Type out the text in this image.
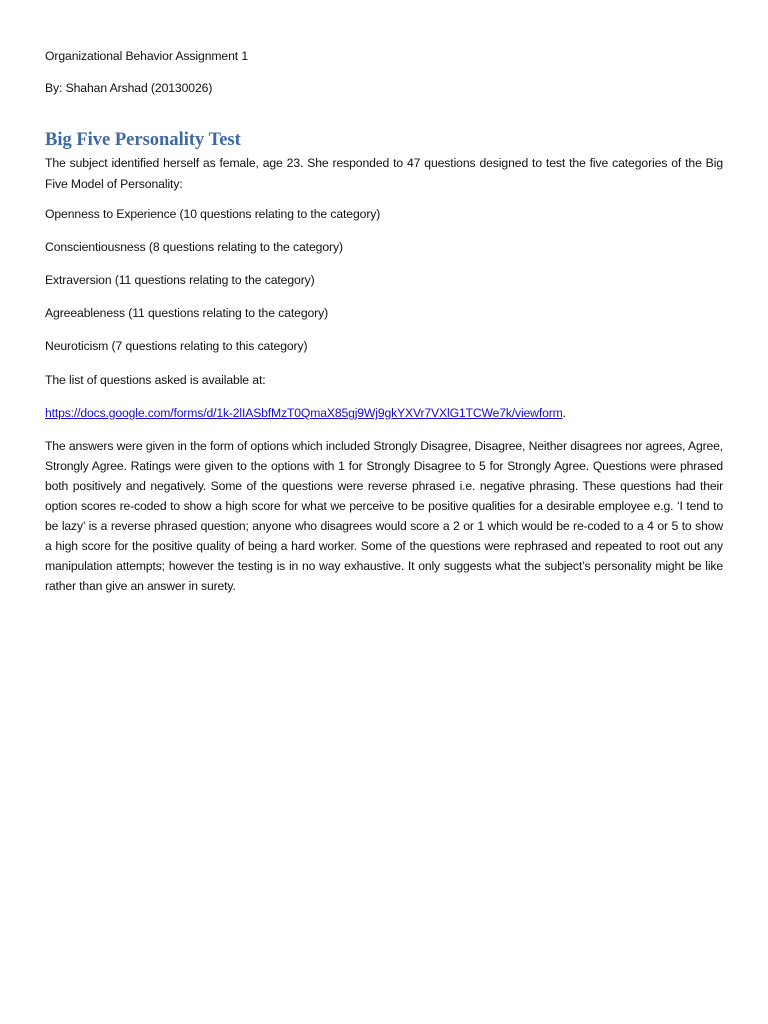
Organizational Behavior Assignment 1

By: Shahan Arshad (20130026)

Big Five Personality Test

The subject identified herself as female, age 23. She responded to 47 questions designed to test the five categories of the Big Five Model of Personality:

Openness to Experience (10 questions relating to the category)
Conscientiousness (8 questions relating to the category)
Extraversion (11 questions relating to the category)
Agreeableness (11 questions relating to the category)
Neuroticism (7 questions relating to this category)

The list of questions asked is available at:

https://docs.google.com/forms/d/1k-2lIASbfMzT0QmaX85gj9Wj9gkYXVr7VXlG1TCWe7k/viewform.

The answers were given in the form of options which included Strongly Disagree, Disagree, Neither disagrees nor agrees, Agree, Strongly Agree. Ratings were given to the options with 1 for Strongly Disagree to 5 for Strongly Agree. Questions were phrased both positively and negatively. Some of the questions were reverse phrased i.e. negative phrasing. These questions had their option scores re-coded to show a high score for what we perceive to be positive qualities for a desirable employee e.g. ‘I tend to be lazy’ is a reverse phrased question; anyone who disagrees would score a 2 or 1 which would be re-coded to a 4 or 5 to show a high score for the positive quality of being a hard worker. Some of the questions were rephrased and repeated to root out any manipulation attempts; however the testing is in no way exhaustive. It only suggests what the subject’s personality might be like rather than give an answer in surety.
